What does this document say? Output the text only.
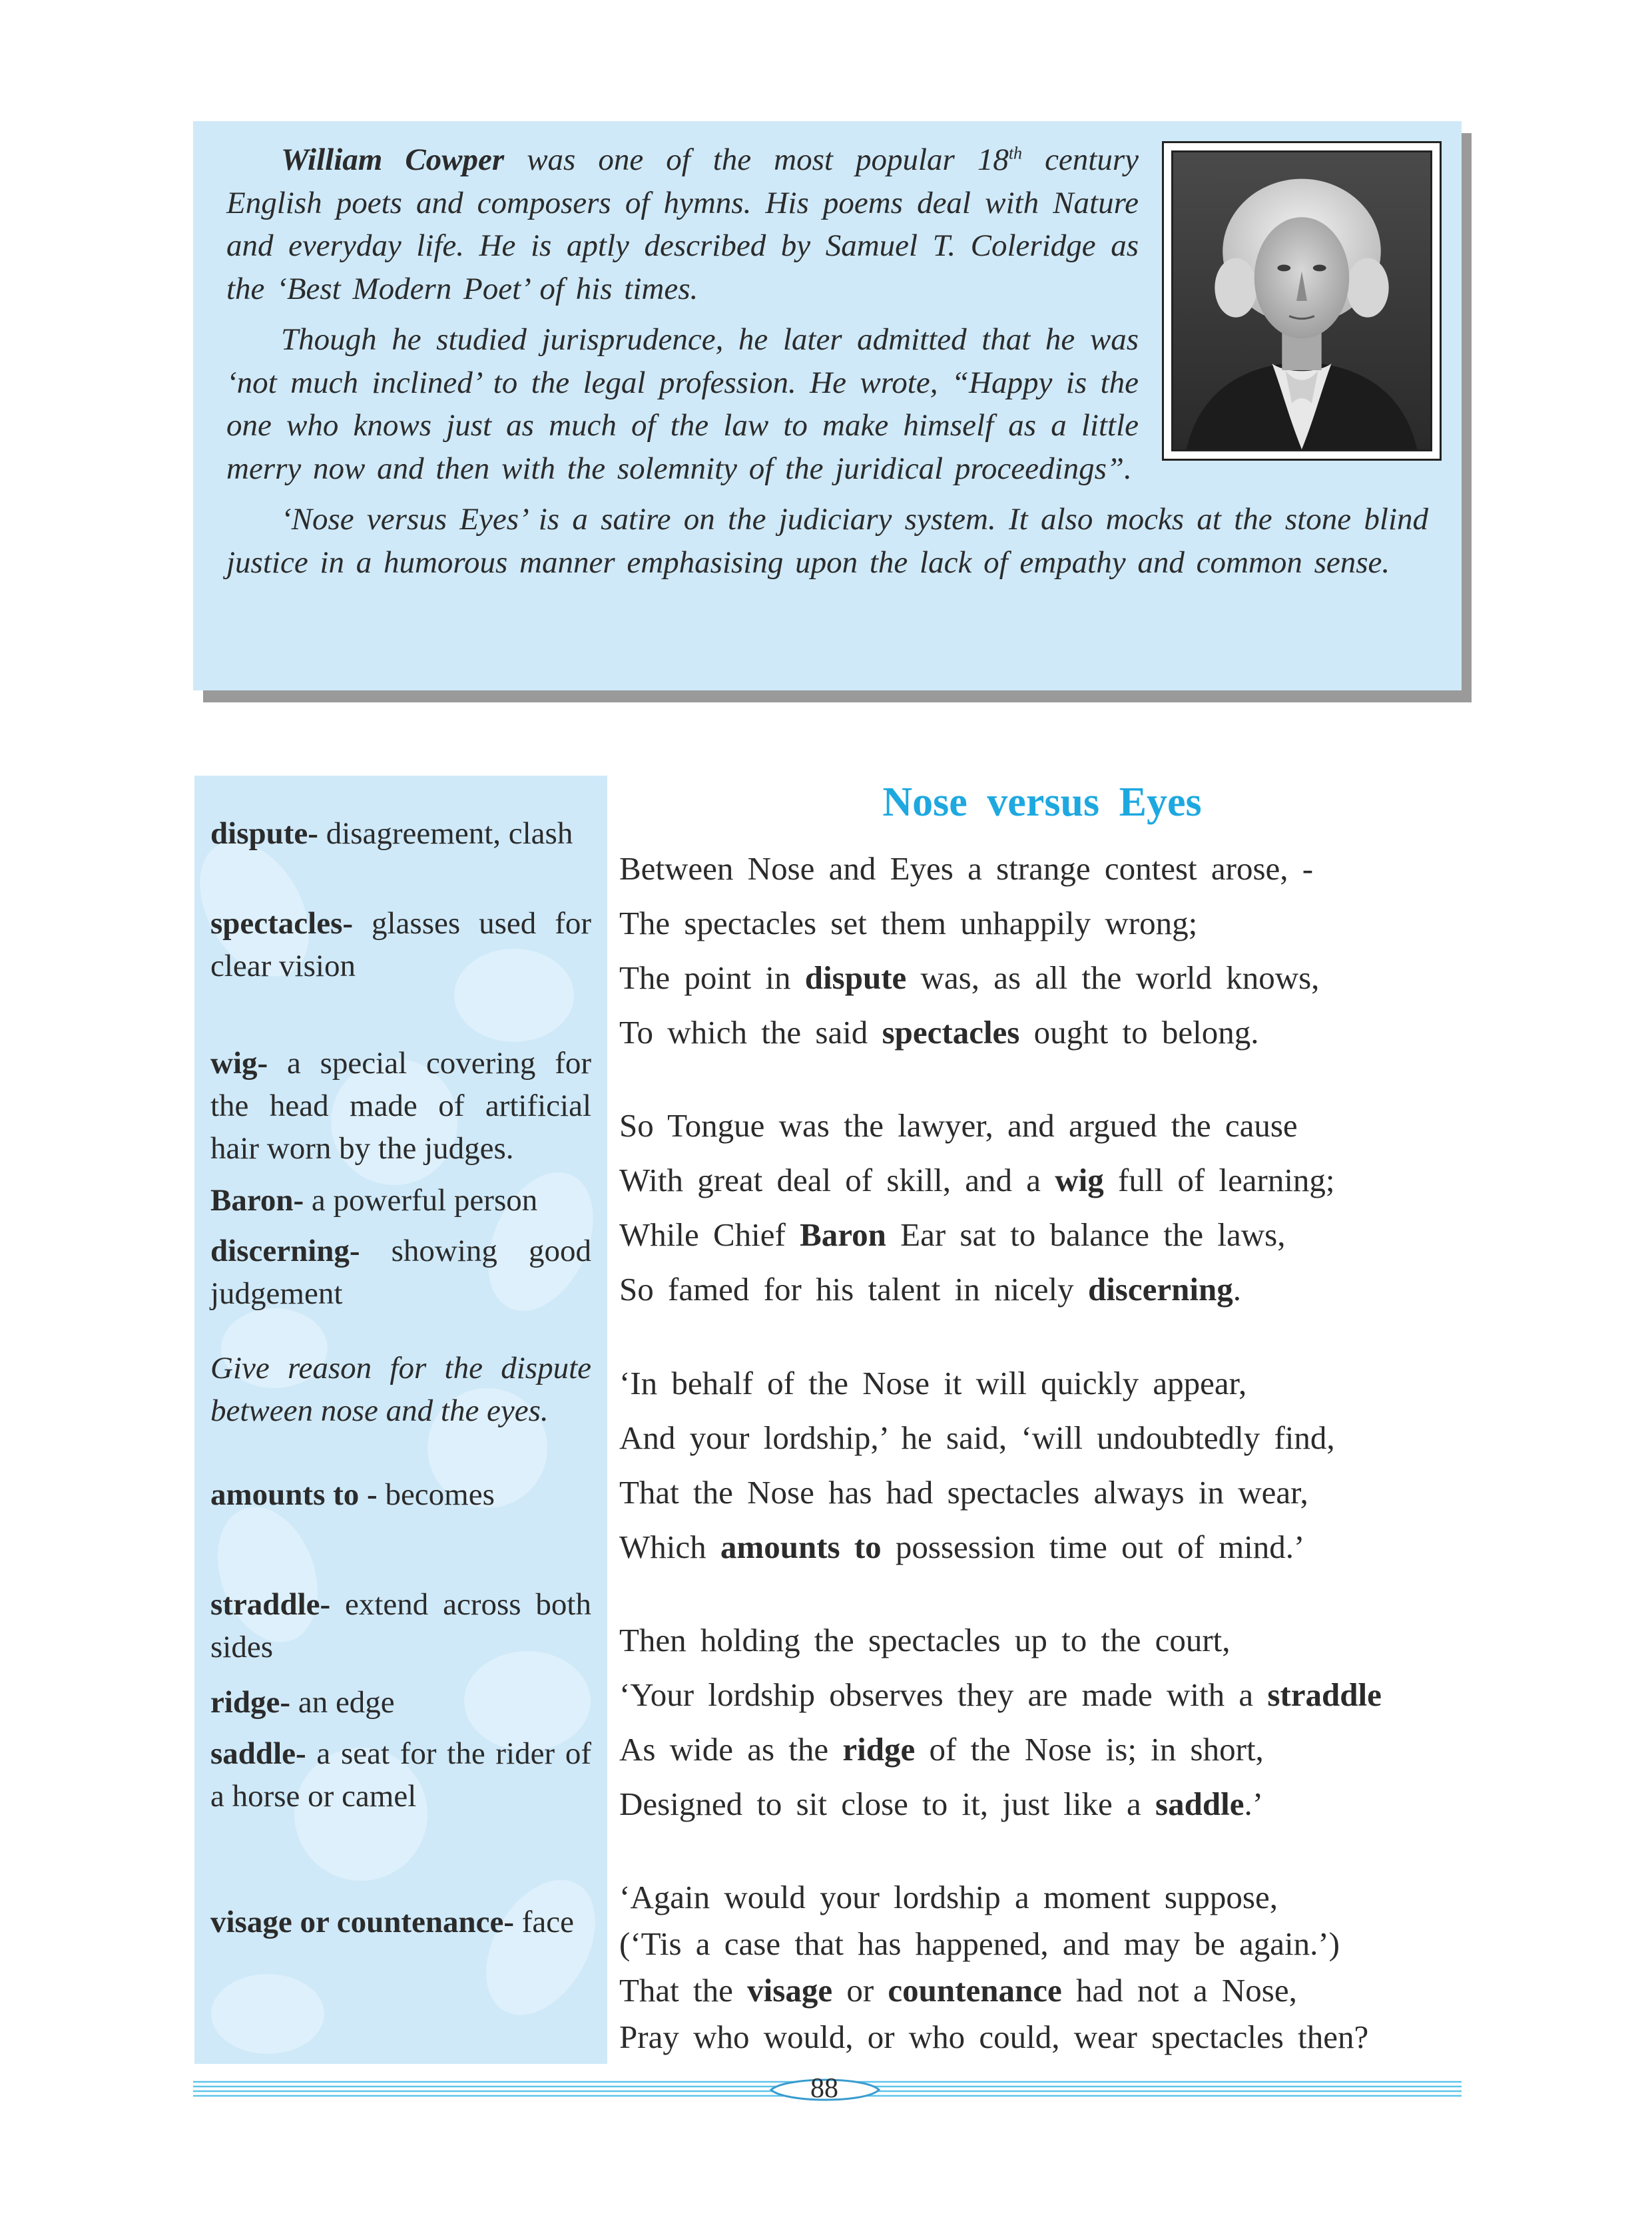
William Cowper was one of the most popular 18th century English poets and composers of hymns. His poems deal with Nature and everyday life. He is aptly described by Samuel T. Coleridge as the ‘Best Modern Poet’ of his times.

Though he studied jurisprudence, he later admitted that he was ‘not much inclined’ to the legal profession. He wrote, “Happy is the one who knows just as much of the law to make himself as a little merry now and then with the solemnity of the juridical proceedings”.

‘Nose versus Eyes’ is a satire on the judiciary system. It also mocks at the stone blind justice in a humorous manner emphasising upon the lack of empathy and common sense.

dispute- disagreement, clash
spectacles- glasses used for clear vision
wig- a special covering for the head made of artificial hair worn by the judges.
Baron- a powerful person
discerning- showing good judgement
Give reason for the dispute between nose and the eyes.
amounts to - becomes
straddle- extend across both sides
ridge- an edge
saddle- a seat for the rider of a horse or camel
visage or countenance- face
Nose versus Eyes
Between Nose and Eyes a strange contest arose, -
The spectacles set them unhappily wrong;
The point in dispute was, as all the world knows,
To which the said spectacles ought to belong.
So Tongue was the lawyer, and argued the cause
With great deal of skill, and a wig full of learning;
While Chief Baron Ear sat to balance the laws,
So famed for his talent in nicely discerning.
‘In behalf of the Nose it will quickly appear,
And your lordship,’ he said, ‘will undoubtedly find,
That the Nose has had spectacles always in wear,
Which amounts to possession time out of mind.’
Then holding the spectacles up to the court,
‘Your lordship observes they are made with a straddle
As wide as the ridge of the Nose is; in short,
Designed to sit close to it, just like a saddle.’
‘Again would your lordship a moment suppose,
(‘Tis a case that has happened, and may be again.’)
That the visage or countenance had not a Nose,
Pray who would, or who could, wear spectacles then?
88
